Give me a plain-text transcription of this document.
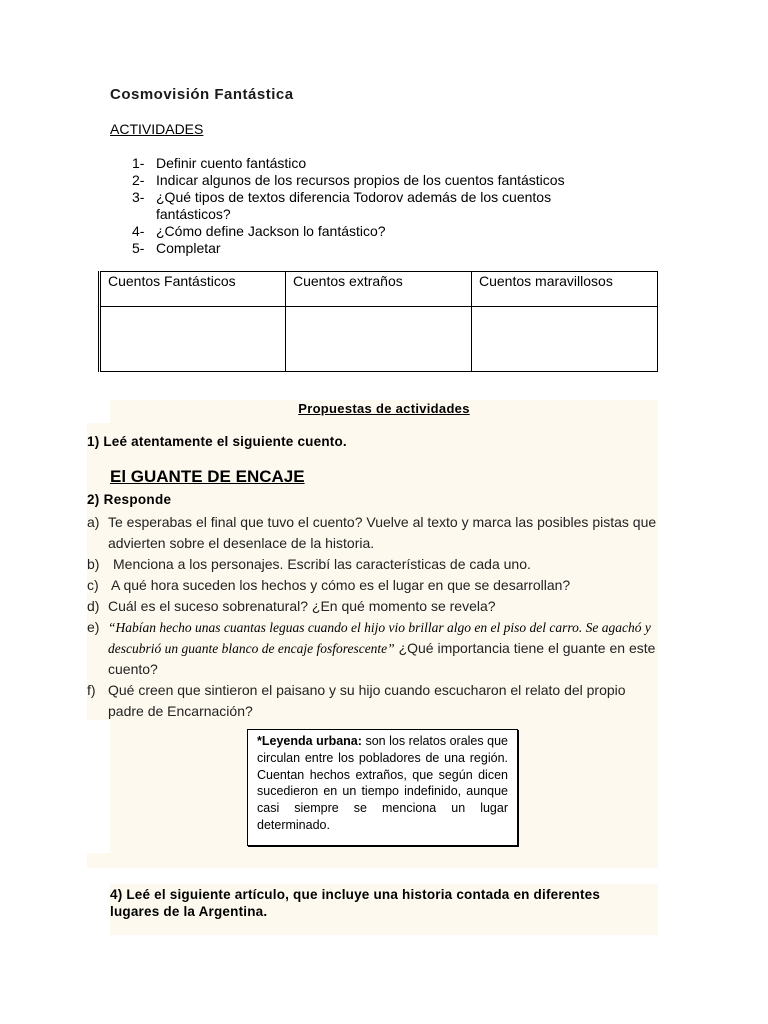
Cosmovisión Fantástica
ACTIVIDADES
1- Definir cuento fantástico
2- Indicar algunos de los recursos propios de los cuentos fantásticos
3- ¿Qué tipos de textos diferencia Todorov además de los cuentos fantásticos?
4- ¿Cómo define Jackson lo fantástico?
5- Completar
Cuentos Fantásticos	Cuentos extraños	Cuentos maravillosos

Propuestas de actividades
1) Leé atentamente el siguiente cuento.
El GUANTE DE ENCAJE
2) Responde
a) Te esperabas el final que tuvo el cuento? Vuelve al texto y marca las posibles pistas que advierten sobre el desenlace de la historia.
b) Menciona a los personajes. Escribí las características de cada uno.
c) A qué hora suceden los hechos y cómo es el lugar en que se desarrollan?
d) Cuál es el suceso sobrenatural? ¿En qué momento se revela?
e) “Habían hecho unas cuantas leguas cuando el hijo vio brillar algo en el piso del carro. Se agachó y descubrió un guante blanco de encaje fosforescente” ¿Qué importancia tiene el guante en este cuento?
f) Qué creen que sintieron el paisano y su hijo cuando escucharon el relato del propio padre de Encarnación?
*Leyenda urbana: son los relatos orales que circulan entre los pobladores de una región. Cuentan hechos extraños, que según dicen sucedieron en un tiempo indefinido, aunque casi siempre se menciona un lugar determinado.
4) Leé el siguiente artículo, que incluye una historia contada en diferentes lugares de la Argentina.
